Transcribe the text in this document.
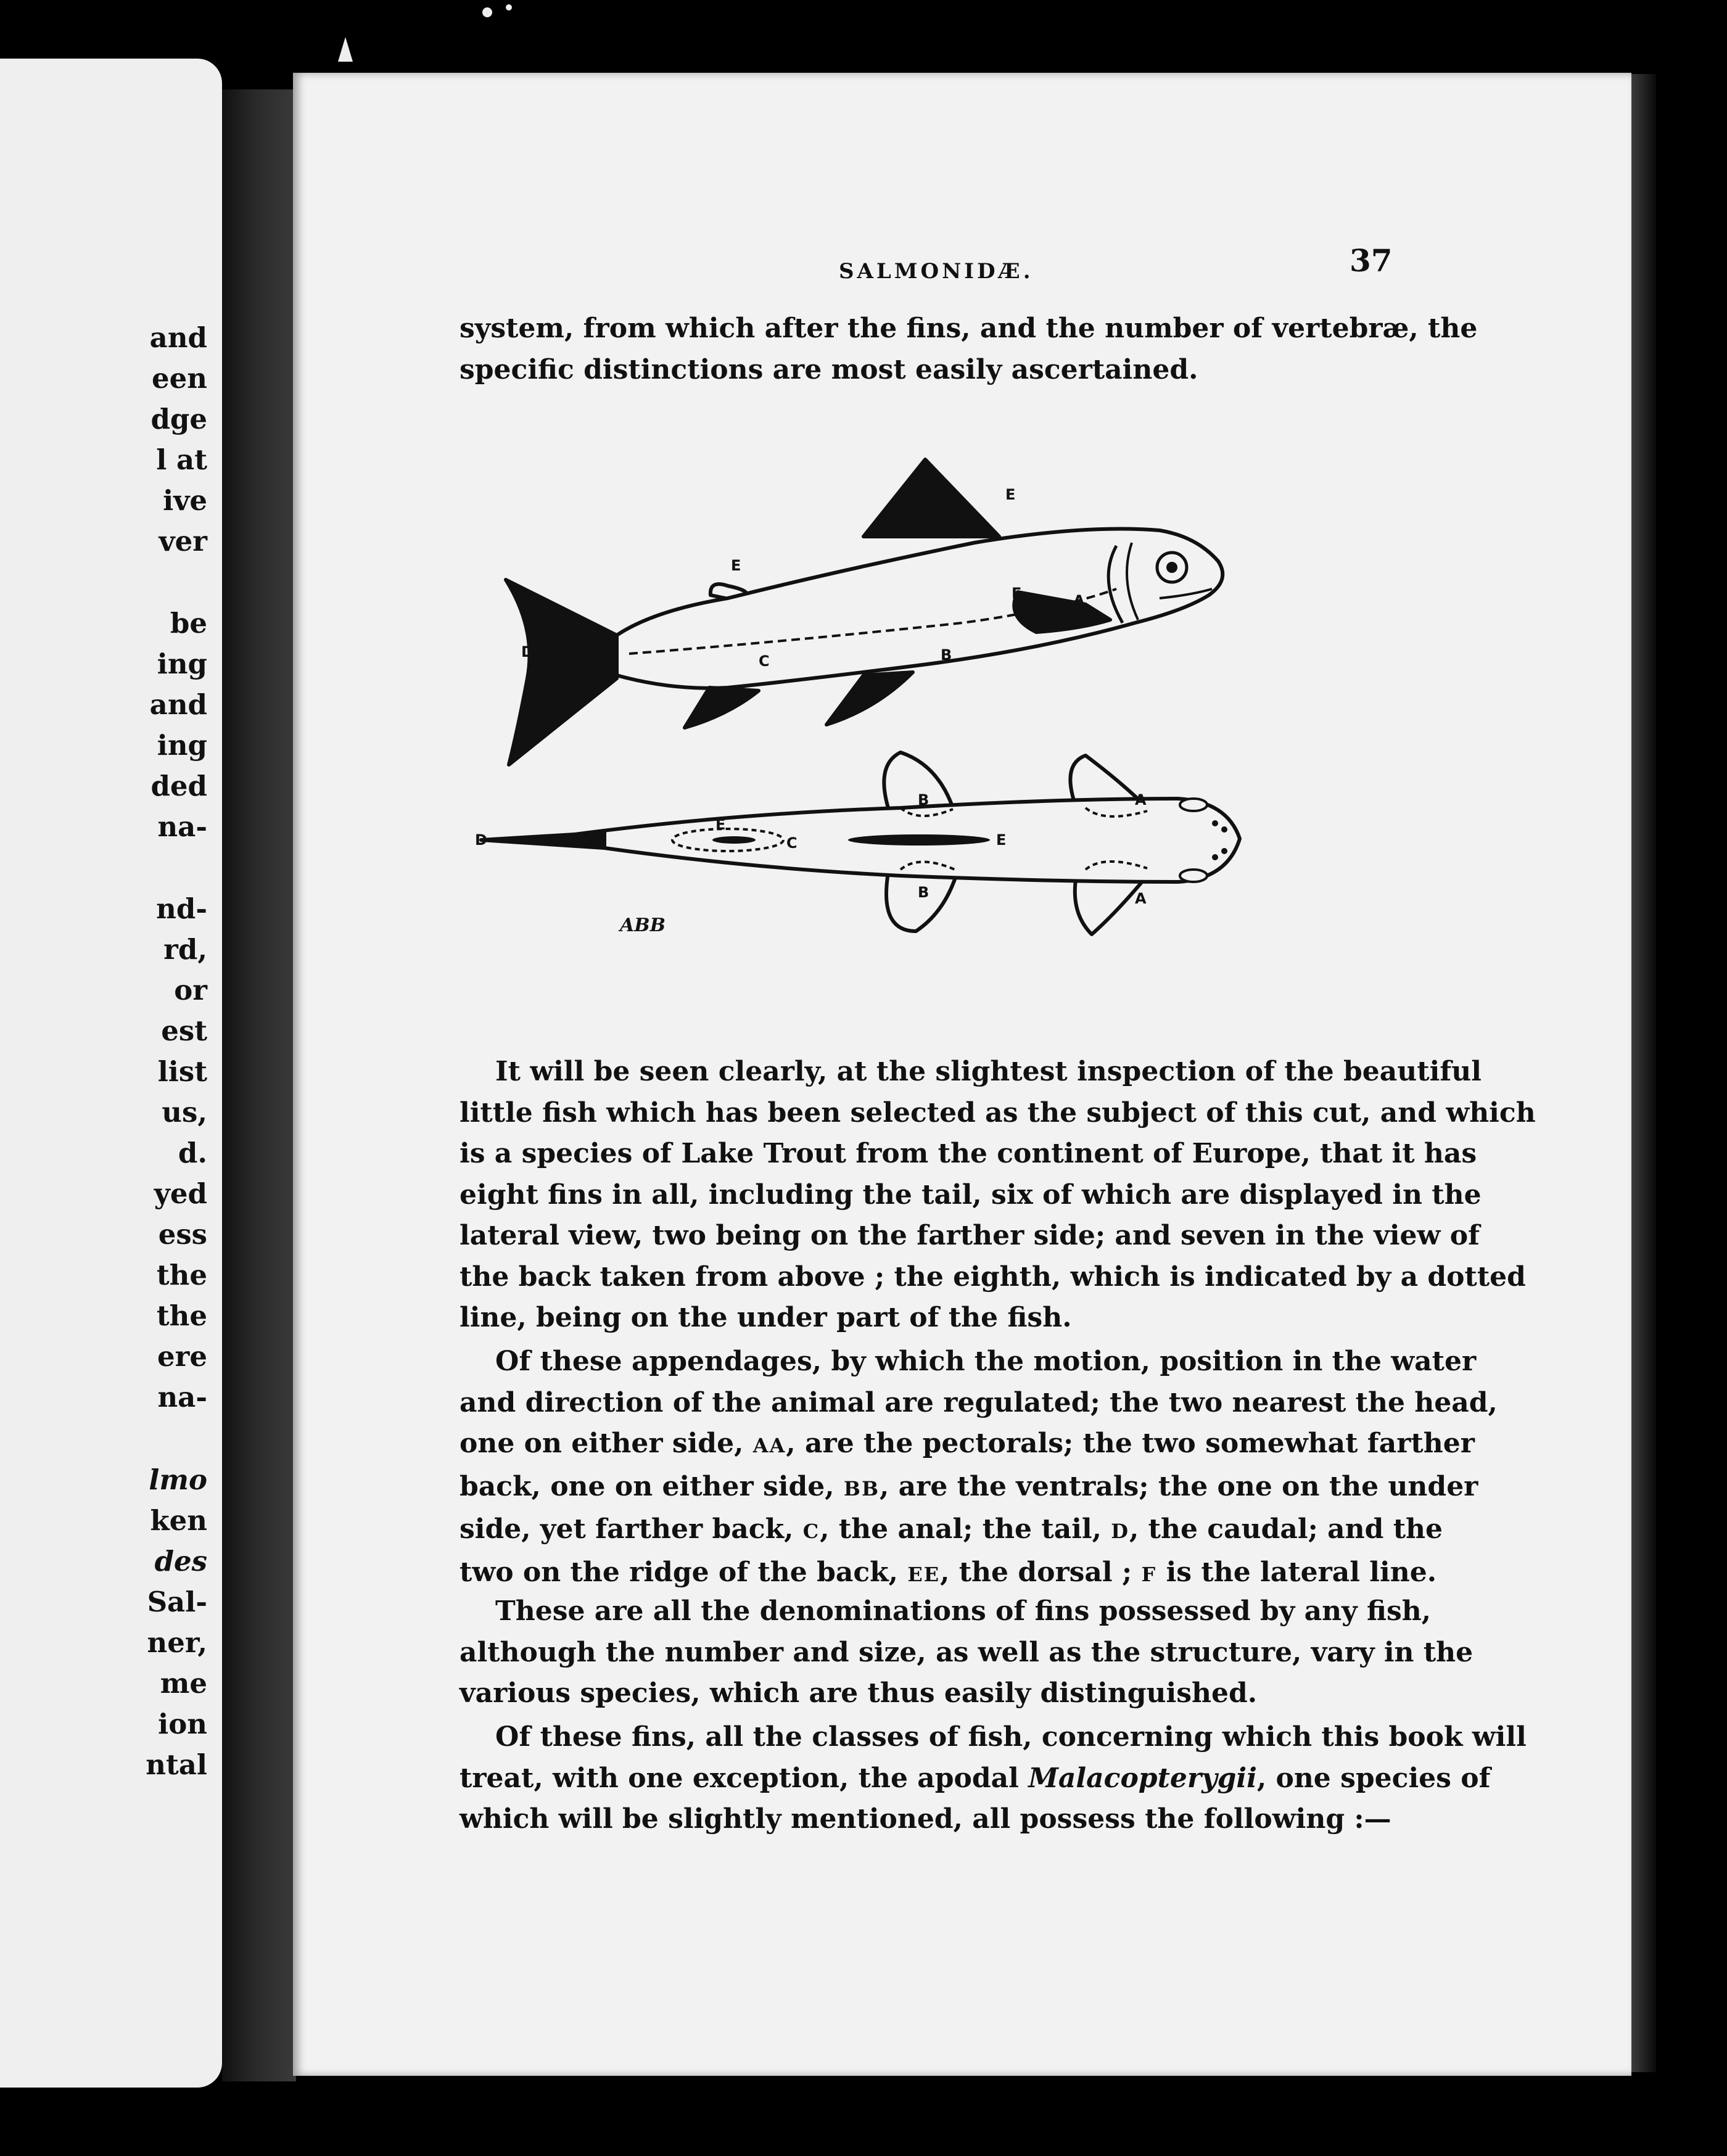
and
een
dge
l at
ive
ver
be
ing
and
ing
ded
na-
nd-
rd,
or
est
list
us,
d.
yed
ess
the
the
ere
na-
lmo
ken
des
Sal-
ner,
me
ion
ntal
SALMONIDÆ.	37
system, from which after the fins, and the number of vertebræ, the
specific distinctions are most easily ascertained.
E
E
F	A
B
C
D
D
E
C	E
B
B
A
A
ABB
It will be seen clearly, at the slightest inspection of the beautiful
little fish which has been selected as the subject of this cut, and which
is a species of Lake Trout from the continent of Europe, that it has
eight fins in all, including the tail, six of which are displayed in the
lateral view, two being on the farther side; and seven in the view of
the back taken from above ; the eighth, which is indicated by a dotted
line, being on the under part of the fish.
Of these appendages, by which the motion, position in the water
and direction of the animal are regulated; the two nearest the head,
one on either side, AA, are the pectorals; the two somewhat farther
back, one on either side, BB, are the ventrals; the one on the under
side, yet farther back, C, the anal; the tail, D, the caudal; and the
two on the ridge of the back, EE, the dorsal ; F is the lateral line.
These are all the denominations of fins possessed by any fish,
although the number and size, as well as the structure, vary in the
various species, which are thus easily distinguished.
Of these fins, all the classes of fish, concerning which this book will
treat, with one exception, the apodal Malacopterygii, one species of
which will be slightly mentioned, all possess the following :—
